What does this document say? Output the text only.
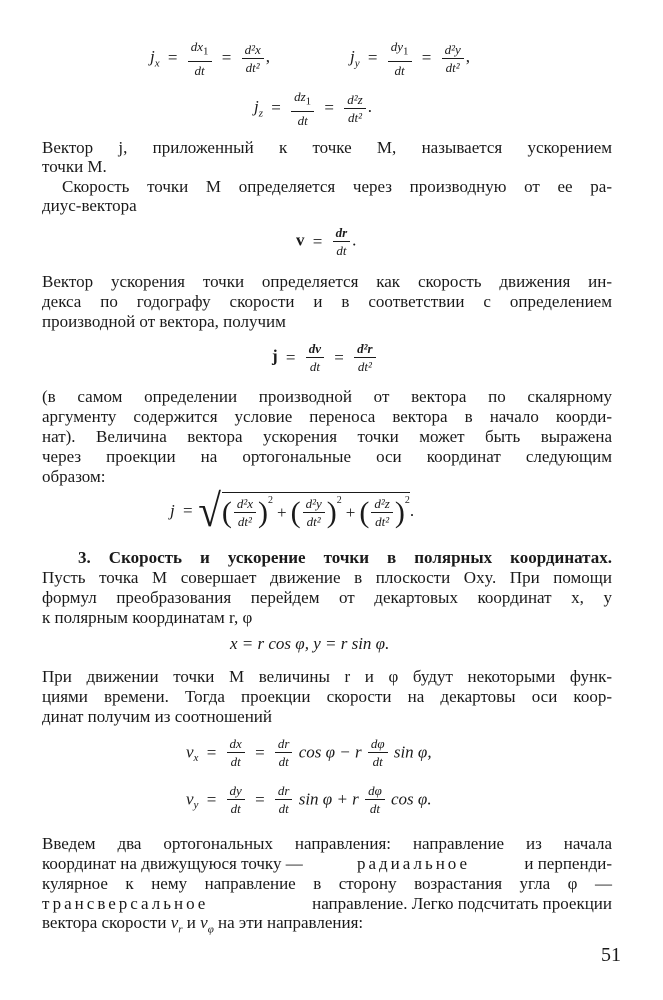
$j_x = \frac{dx_1}{dt} = \frac{\text{d²x}}{\text{dt²}}$ ,	$j_y = \frac{dy_1}{dt} = \frac{\text{d²y}}{\text{dt²}}$ ,
$j_z = \frac{dz_1}{dt} = \frac{\text{d²z}}{\text{dt²}}$ .
Вектор j, приложенный к точке M, называется ускорением
точки M.
Скорость точки M определяется через производную от ее ра-
диус-вектора
$v = \frac{dr}{dt}$ .
Вектор ускорения точки определяется как скорость движения ин-
декса по годографу скорости и в соответствии с определением
производной от вектора, получим
$j = \frac{dv}{dt} = \frac{\text{d²r}}{\text{dt²}}$
(в самом определении производной от вектора по скалярному
аргументу содержится условие переноса вектора в начало коорди-
нат). Величина вектора ускорения точки может быть выражена
через проекции на ортогональные оси координат следующим
образом:
j = √( $\frac{\text{d²x}}{\text{dt²}} )^2+$ ( $\frac{\text{d²y}}{\text{dt²}} )^2+$ ( $\frac{\text{d²z}}{\text{dt²}} )^2$.
3. Скорость и ускорение точки в полярных координатах.
Пусть точка M совершает движение в плоскости Oxy. При помощи
формул преобразования перейдем от декартовых координат x, y
к полярным координатам r, φ
x = r cos φ, y = r sin φ.
При движении точки M величины r и φ будут некоторыми функ-
циями времени. Тогда проекции скорости на декартовы оси коор-
динат получим из соотношений
$v_x = \frac{dx}{dt} = \frac{dr}{dt}$ cos φ − r $\frac{d\varphi}{dt}$ sin φ,
$v_y = \frac{dy}{dt} = \frac{dr}{dt}$ sin φ + r $\frac{d\varphi}{dt}$ cos φ.
Введем два ортогональных направления: направление из начала
координат на движущуюся точку —	радиальное	и перпенди-
кулярное к нему направление в сторону возрастания угла φ —
трансверсальное	направление. Легко подсчитать проекции
вектора скорости $v_r$ и $v_\varphi$ на эти направления:
51
